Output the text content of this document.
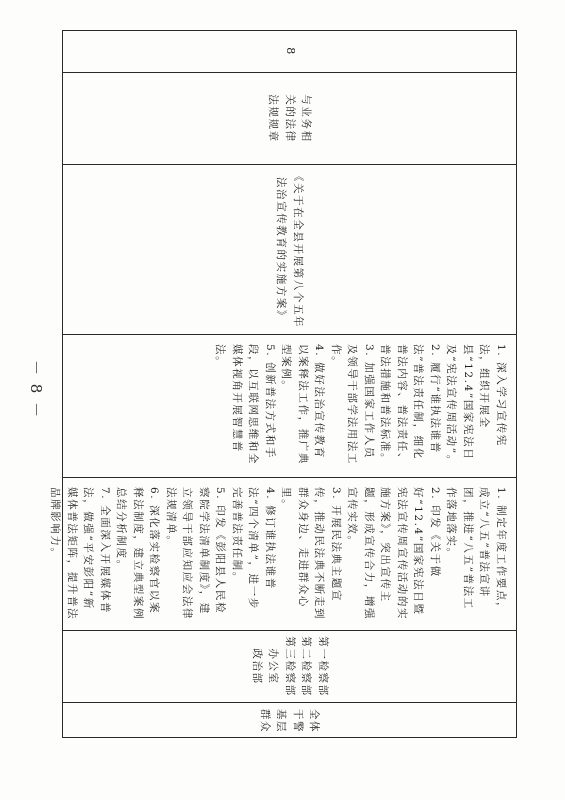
8
与业务相
关的法律
法规规章
《关于在全县开展第八个五年
法治宣传教育的实施方案》

1. 深入学习宣传宪法，组织开展全县“12.4”国家宪法日及“宪法宣传周活动”。

2. 履行“谁执法谁普法”普法责任制，细化普法内容、普法责任、普法措施和普法标准。

3. 加强国家工作人员及领导干部学法用法工作。

4. 做好法治宣传教育以案释法工作，推广典型案例。

5. 创新普法方式和手段，以互联网思维和全媒体视角开展智慧普法。

1. 制定年度工作要点，成立“八五”普法宣讲团，推进“八五”普法工作落地落实。

2. 印发《关于做好“12.4”国家宪法日暨宪法宣传周宣传活动的实施方案》，突出宣传主题，形成宣传合力，增强宣传实效。

3. 开展民法典主题宣传，推动民法典不断走到群众身边、走进群众心里。

4. 修订谁执法谁普法“四个清单”，进一步完善普法责任制。

5. 印发《彭阳县人民检察院学法清单制度》，建立领导干部应知应会法律法规清单。

6. 深化落实检察官以案释法制度，建立典型案例总结分析制度。

7. 全面深入开展媒体普法，做强“平安彭阳”新媒体普法矩阵，提升普法品牌影响力。

第一检察部
第二检察部
第三检察部
办公室
政治部
全体干警
基层群众
－ 8 －
